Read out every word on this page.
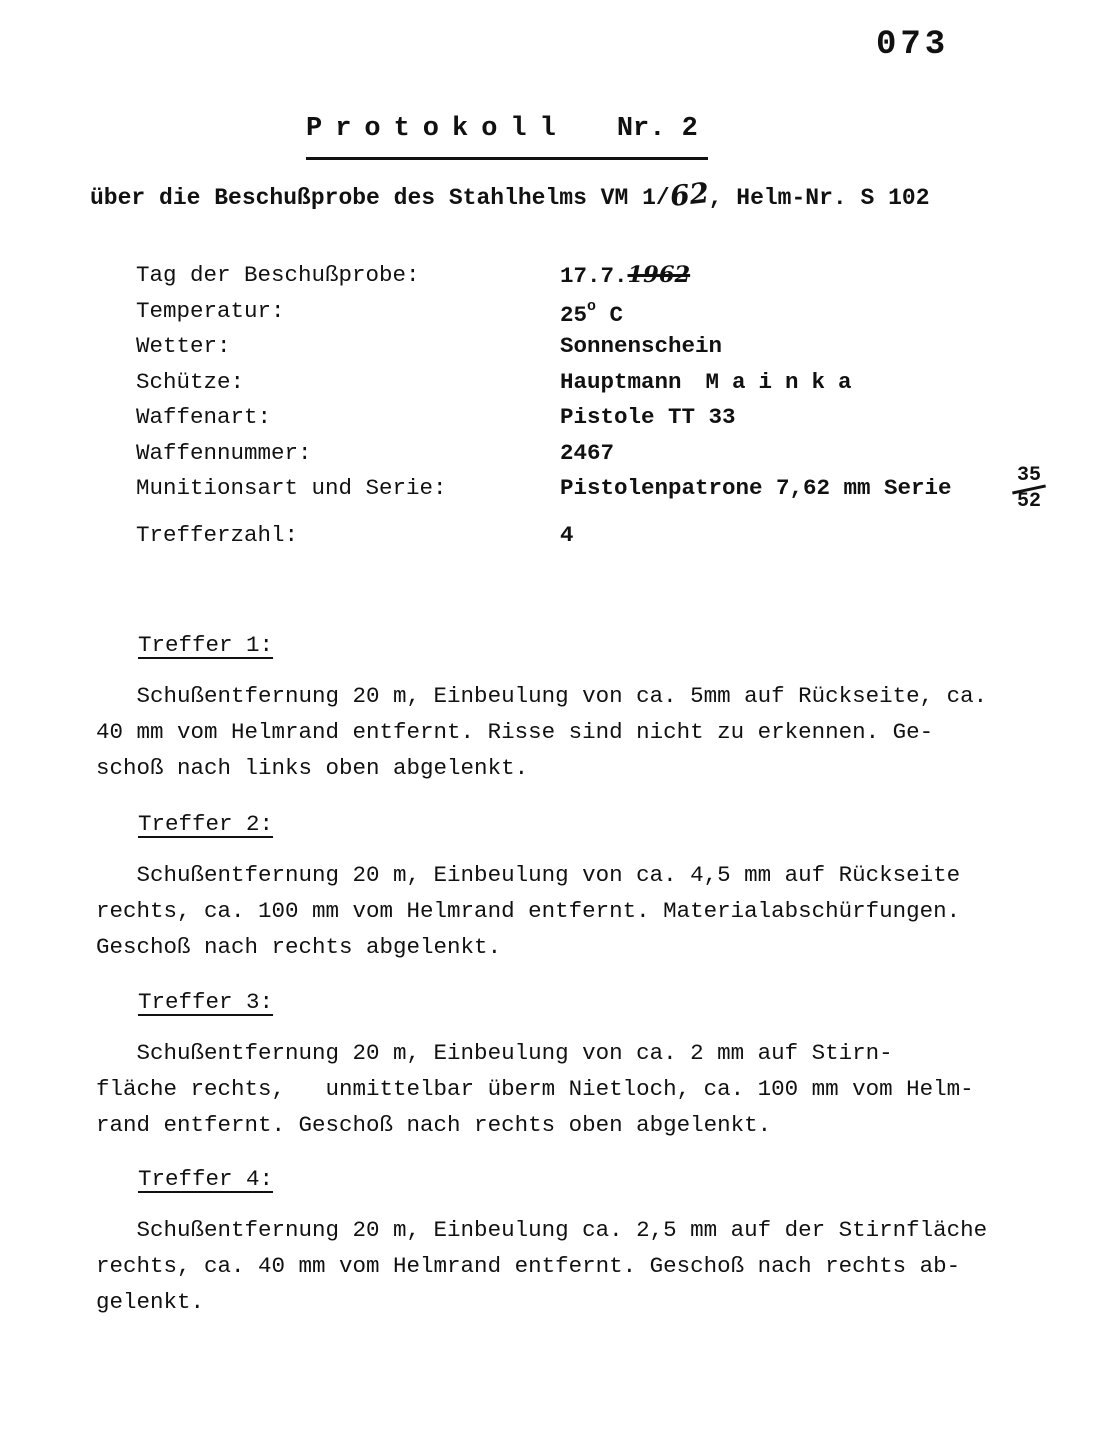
073
Protokoll Nr. 2
über die Beschußprobe des Stahlhelms VM 1/62, Helm-Nr. S 102
Tag der Beschußprobe:	17.7.1962
Temperatur:	25$^o$ C
Wetter:	Sonnenschein
Schütze:	Hauptmann Mainka
Waffenart:	Pistole TT 33
Waffennummer:	2467
Munitionsart und Serie:	Pistolenpatrone 7,62 mm Serie
Trefferzahl:	4
35
52
Treffer 1:
Schußentfernung 20 m, Einbeulung von ca. 5mm auf Rückseite, ca.
40 mm vom Helmrand entfernt. Risse sind nicht zu erkennen. Ge-
schoß nach links oben abgelenkt.
Treffer 2:
Schußentfernung 20 m, Einbeulung von ca. 4,5 mm auf Rückseite
rechts, ca. 100 mm vom Helmrand entfernt. Materialabschürfungen.
Geschoß nach rechts abgelenkt.
Treffer 3:
Schußentfernung 20 m, Einbeulung von ca. 2 mm auf Stirn-
fläche rechts,   unmittelbar überm Nietloch, ca. 100 mm vom Helm-
rand entfernt. Geschoß nach rechts oben abgelenkt.
Treffer 4:
Schußentfernung 20 m, Einbeulung ca. 2,5 mm auf der Stirnfläche
rechts, ca. 40 mm vom Helmrand entfernt. Geschoß nach rechts ab-
gelenkt.
